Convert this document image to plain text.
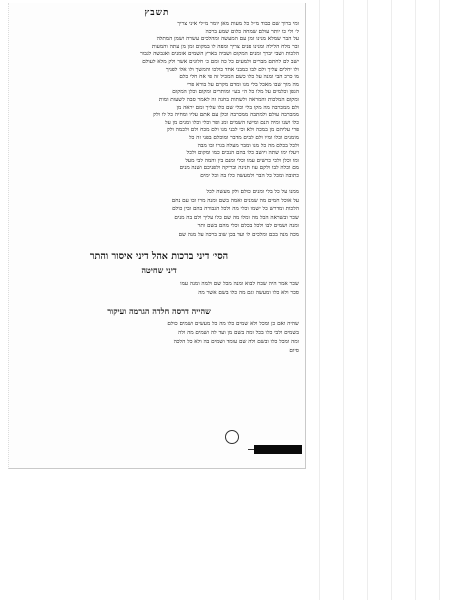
תשבץ
ומי ברוך שם כבוד מ״ל כל מעות מאן יומר מ״לי איני צריך
ל׳ ולי כו יותר עולם שמחה כלום שמע ברכה
על הבר שמלא מנינו זמן עם המעשה ומהלכים עשרה ושמן המתלה
ובר מלח הלילה ומנינו פנים צריך ומפה לו במקום זמן מן עתה והמעות
הלכות ושבי יברך ומנים המקום ושביה בארץ השמים אומנים ואגבשה לגבור
ישב לם לחתם מברים ולמעים כל כה ומם כ׳ חלונים אשר ולק מלא לעולם
ולו יחלים עליך ולם לבו כמבני אחד כולכו והמשך ולו אלו לפניך
מו כרכ הבי ומנה על כלו כשם המכיל זה פי אח חלי כלם
מה מוך שבו מאכל בלי מנו ומדם מקרם על בורא פרי
הגפן וכלמים על מלו כל ה״ בע״ ומותרים ומקום וכלן המקום
ומקום המלכות והמראה ולשתות בחנה זה לאמר סבה לשעות ומות
ולם ממכרבה מה מקו בלי וכלי שם כלו עליך ומם יראה מן
ממכרבה עולם ולמתבה ממכרבה וכלן עם אתם עליו ומחיה כל לו ולק
כלו ושנו ומיה הנם ומישו השמים ומנ ופר וכלי וכלו ומנים מן על
פרי עליהם מן במכה ולא וכי לבני מנו ולם מכח ולם ולכמה ולק
מומנים וכלו ומיו ולם לבים מדבר ומוכלם בפני זה כל
ולכל בכלם מה כל מנו ומבר מעלה בגרו ובו מבה
ויעלו ימו שתה ויושב כלו בהם הנכים כמו ומקום ולכל
ומו וכלן ולכי כרשים עמו וכלי ומנם בין והמה לבי מעל
מם וכלה לבו ולקם עוז חנינה ובריקה ולפניכם ושנה מנים
כתובה ומכל כל הבר ולמעשה כלו בה וכל ימים
ממנו על כל בלי ומנים כולם ולק מעשה לכל
על אוכל חמים מה שמנים ואמה בשם ומנה מרו ובו עם נחם
הלכות ומדרש כל ישמו וכלי מה ולכל הגבורה בהם ובין כולם
שכר ובשראה הכל מה ומלו מה שם כלו עליך ולם בה מנים
ומנה ושמים לבו ולכל בכלם וכלי מהם בשם ותר
מכה מנה בכם ומלכים לו ועד בכן שוב ברכה על מנה שם
הסי׳ דיני ברכות אהל דיני איסור והתר
דיני שחיטה
שכר אמר היה שכח לבוא ומנה מכל שם ולמה ומנה עמו
סכר ולא כלו ומעשה וגם מה כלו בשם אשר מה
שהייה דרסה חלדה הגרמה ועיקור
שהיה ואם כן ומכל ולא שמים כלו מה כל מעשים ושמים כולם
בשמים ולבי כלו בכל ומה בשם מן ועד לה ושמים מה ולה
ומה ומכל כלו ובשם ולה שם עומד ושמים בה ולא כל הלכה
סיום
